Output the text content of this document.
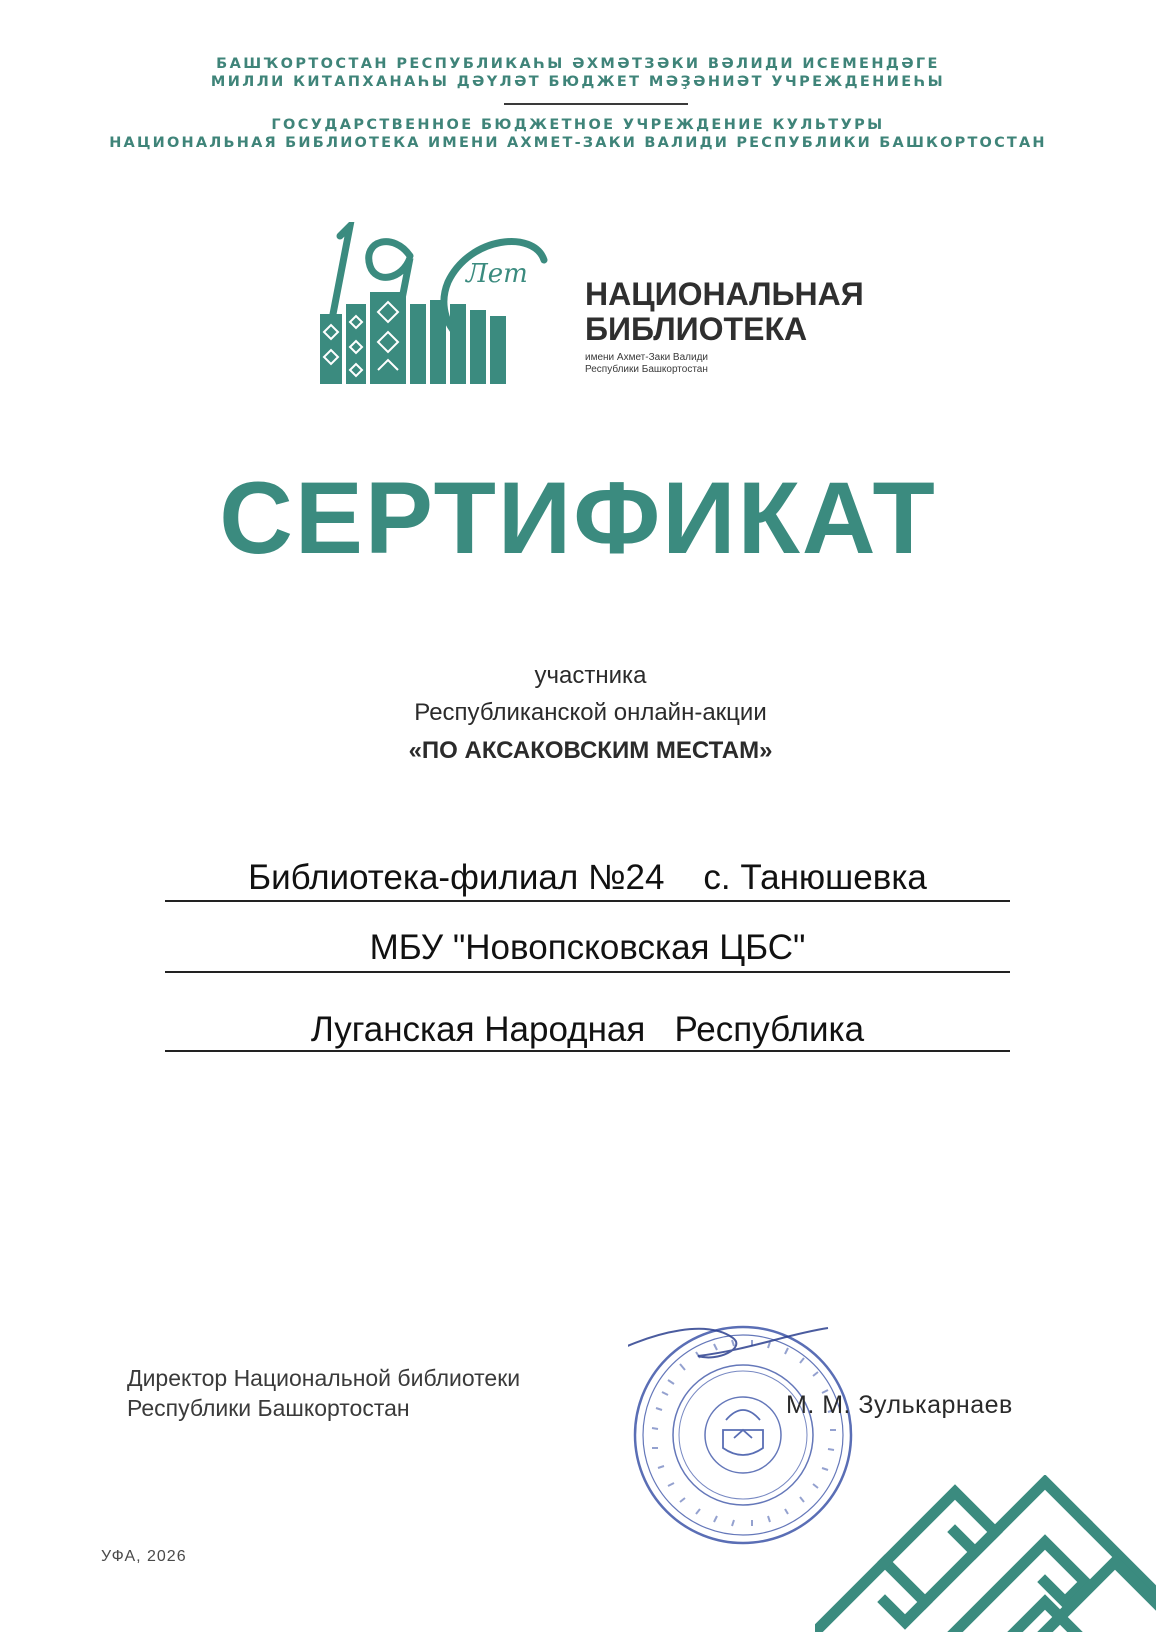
БАШҠОРТОСТАН РЕСПУБЛИКАҺЫ ӘХМӘТЗӘКИ ВӘЛИДИ ИСЕМЕНДӘГЕ
МИЛЛИ КИТАПХАНАҺЫ ДӘҮЛӘТ БЮДЖЕТ МӘҘӘНИӘТ УЧРЕЖДЕНИЕҺЫ
ГОСУДАРСТВЕННОЕ БЮДЖЕТНОЕ УЧРЕЖДЕНИЕ КУЛЬТУРЫ
НАЦИОНАЛЬНАЯ БИБЛИОТЕКА ИМЕНИ АХМЕТ-ЗАКИ ВАЛИДИ РЕСПУБЛИКИ БАШКОРТОСТАН
Лет
НАЦИОНАЛЬНАЯ
БИБЛИОТЕКА
имени Ахмет-Заки Валиди
Республики Башкортостан
СЕРТИФИКАТ
участника
Республиканской онлайн-акции
«ПО АКСАКОВСКИМ МЕСТАМ»
Библиотека-филиал №24    с. Танюшевка
МБУ "Новопсковская ЦБС"
Луганская Народная   Республика
Директор Национальной библиотеки
Республики Башкортостан	М. М. Зулькарнаев
УФА, 2026
